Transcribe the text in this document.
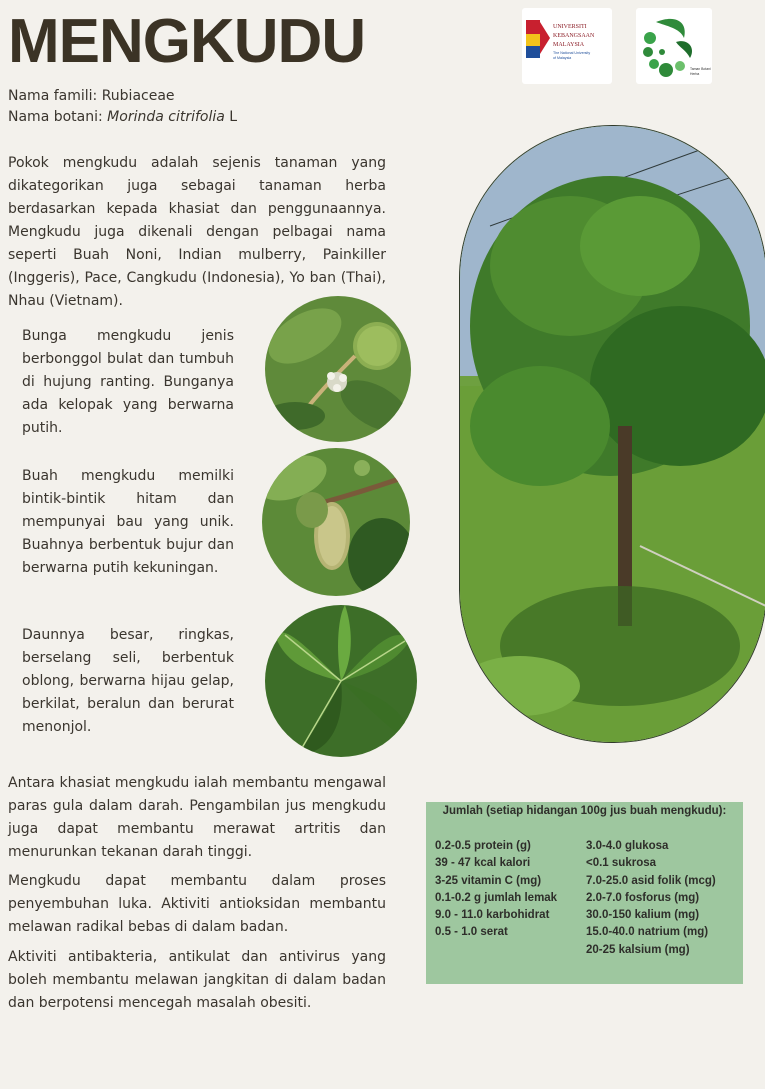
MENGKUDU
Nama famili: Rubiaceae
Nama botani: Morinda citrifolia L
UNIVERSITI
KEBANGSAAN
MALAYSIA
The National University
of Malaysia
Taman Botani
Herba
Pokok mengkudu adalah sejenis tanaman yang dikategorikan juga sebagai tanaman herba berdasarkan kepada khasiat dan penggunaannya. Mengkudu juga dikenali dengan pelbagai nama seperti Buah Noni, Indian mulberry, Painkiller (Inggeris), Pace, Cangkudu (Indonesia), Yo ban (Thai), Nhau (Vietnam).
Bunga mengkudu jenis berbonggol bulat dan tumbuh di hujung ranting. Bunganya ada kelopak yang berwarna putih.
Buah mengkudu memilki bintik-bintik hitam dan mempunyai bau yang unik. Buahnya berbentuk bujur dan berwarna putih kekuningan.
Daunnya besar, ringkas, berselang seli, berbentuk oblong, berwarna hijau gelap, berkilat, beralun dan berurat menonjol.
Antara khasiat mengkudu ialah membantu mengawal paras gula dalam darah. Pengambilan jus mengkudu juga dapat membantu merawat artritis dan menurunkan tekanan darah tinggi.
Mengkudu dapat membantu dalam proses penyembuhan luka. Aktiviti antioksidan membantu melawan radikal bebas di dalam badan.
Aktiviti antibakteria, antikulat dan antivirus yang boleh membantu melawan jangkitan di dalam badan dan berpotensi mencegah masalah obesiti.
Jumlah (setiap hidangan 100g jus buah mengkudu):
0.2-0.5 protein (g)
39 - 47 kcal kalori
3-25 vitamin C (mg)
0.1-0.2 g jumlah lemak
9.0 - 11.0 karbohidrat
0.5 - 1.0 serat
3.0-4.0 glukosa
<0.1 sukrosa
7.0-25.0 asid folik (mcg)
2.0-7.0 fosforus (mg)
30.0-150 kalium (mg)
15.0-40.0 natrium (mg)
20-25 kalsium (mg)
